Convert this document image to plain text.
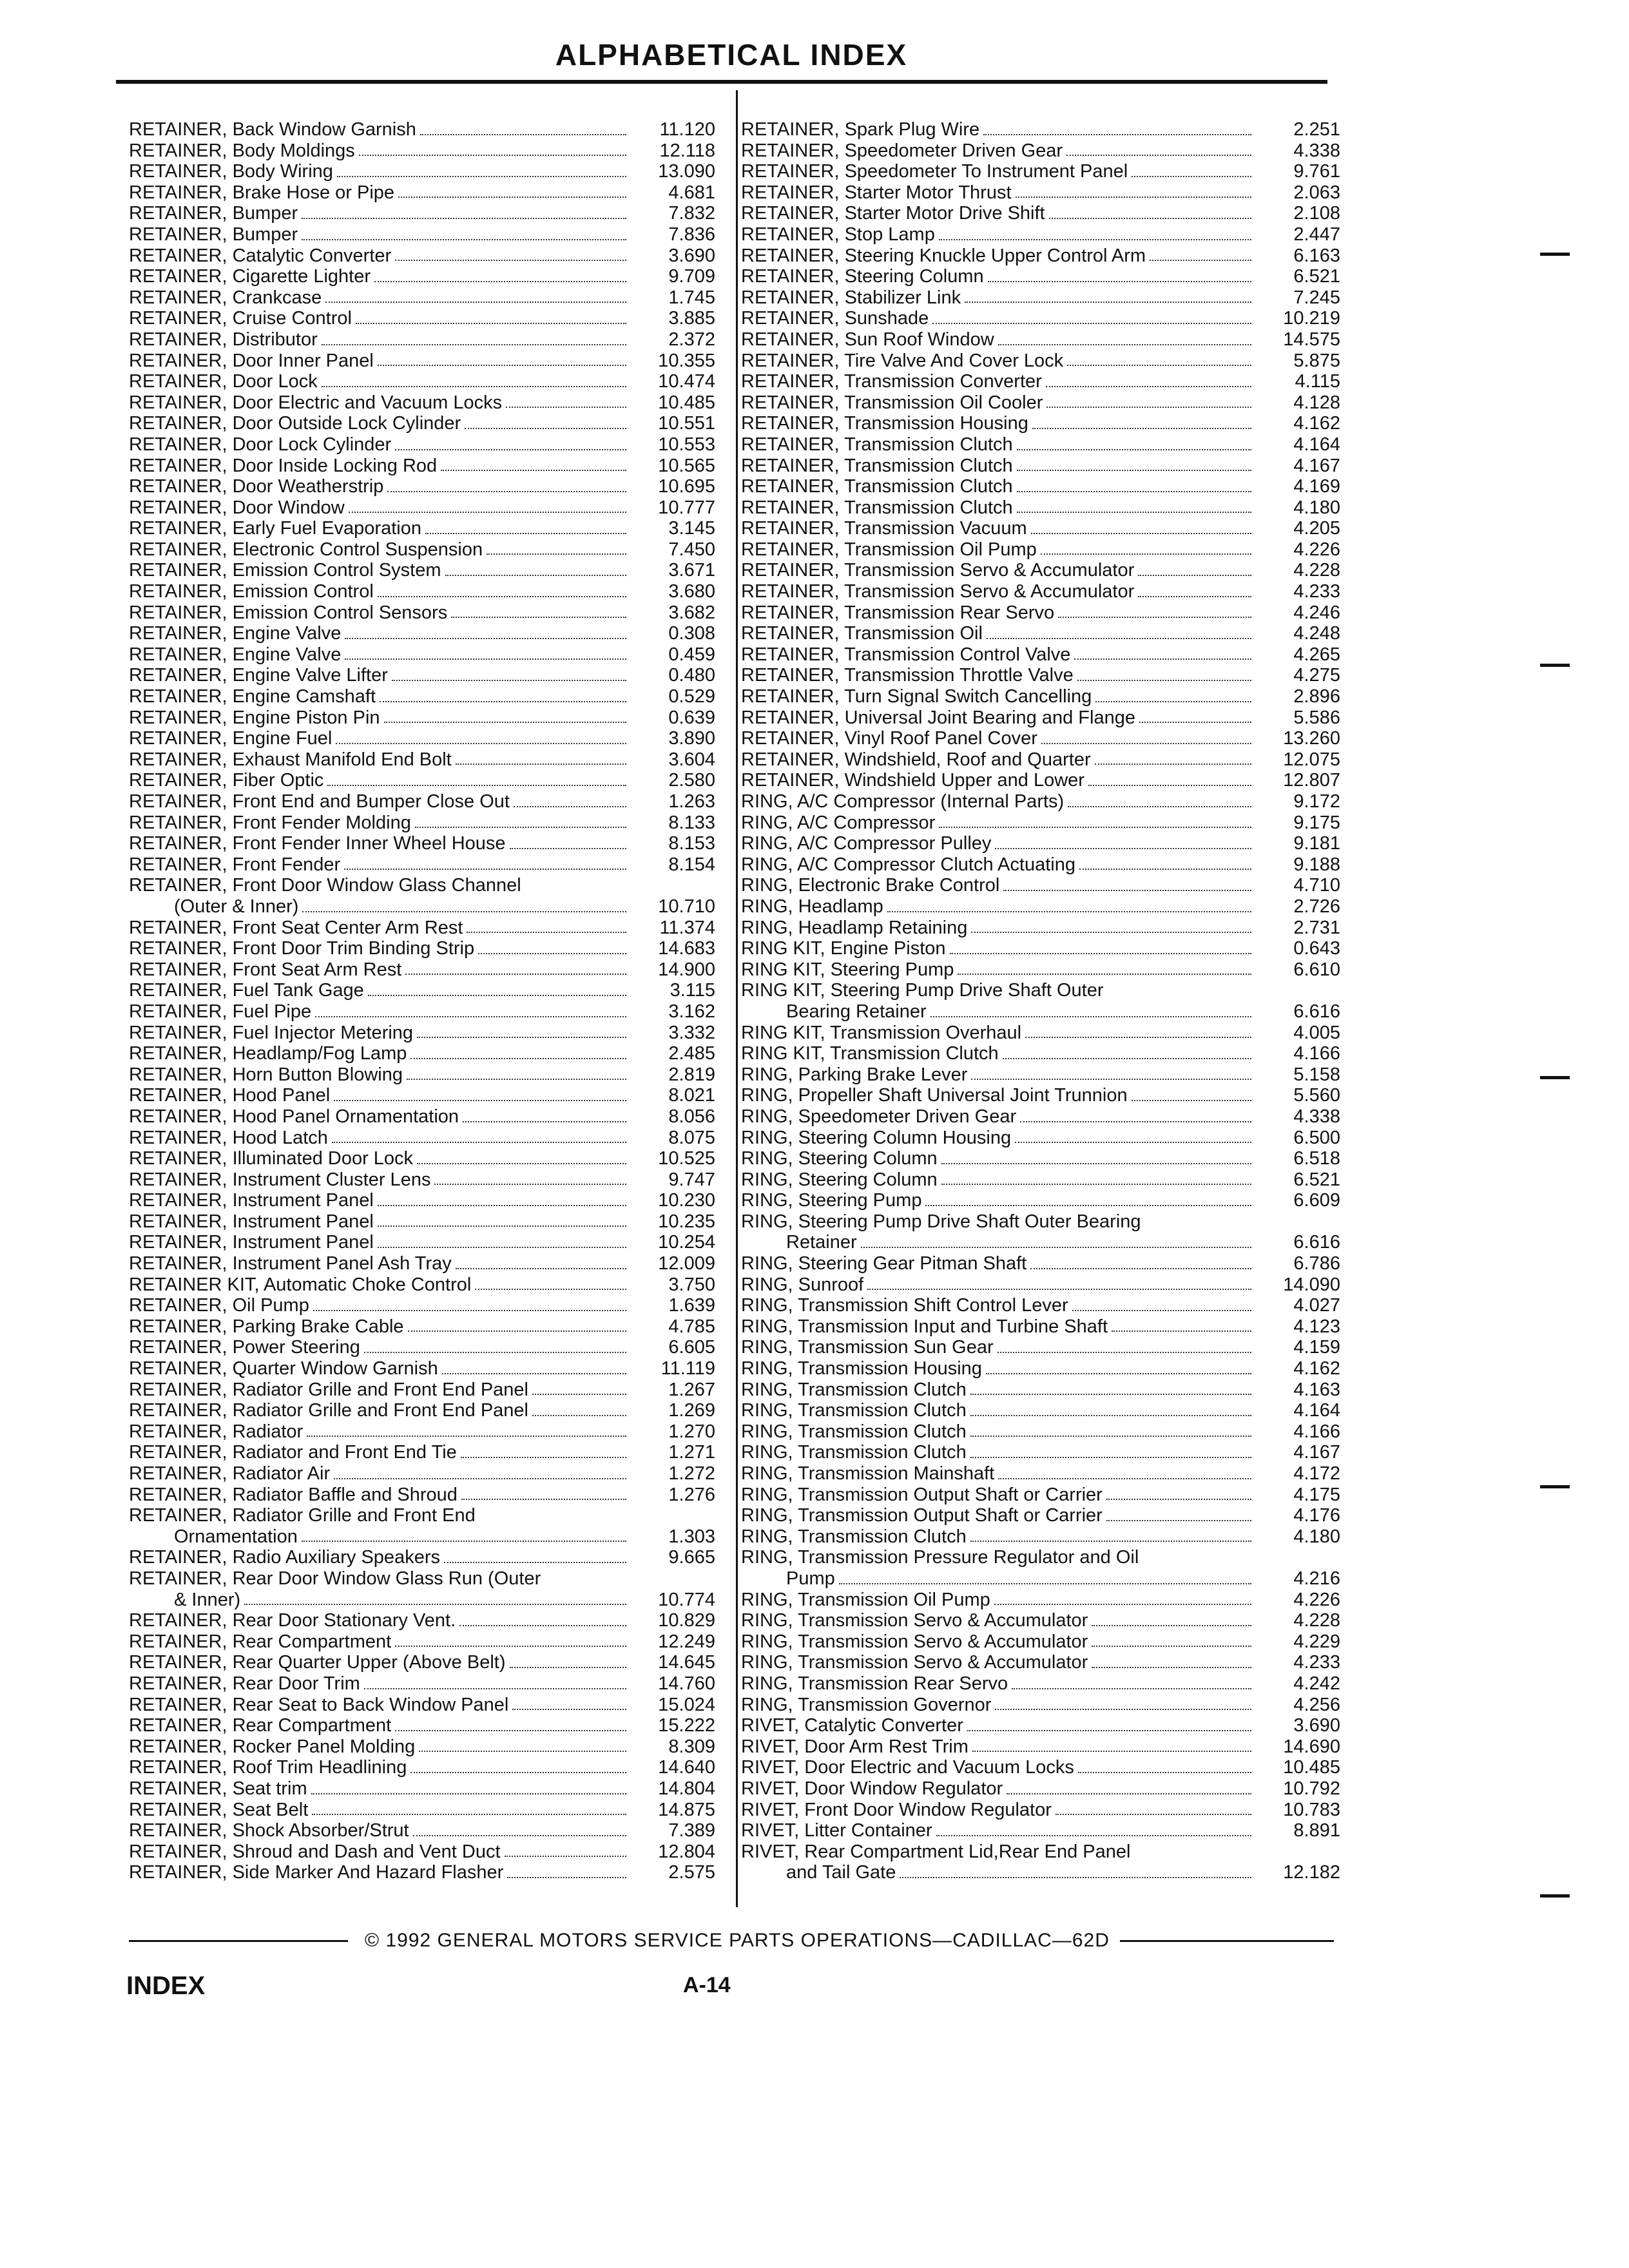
ALPHABETICAL INDEX
RETAINER, Back Window Garnish	11.120
RETAINER, Body Moldings	12.118
RETAINER, Body Wiring	13.090
RETAINER, Brake Hose or Pipe	4.681
RETAINER, Bumper	7.832
RETAINER, Bumper	7.836
RETAINER, Catalytic Converter	3.690
RETAINER, Cigarette Lighter	9.709
RETAINER, Crankcase	1.745
RETAINER, Cruise Control	3.885
RETAINER, Distributor	2.372
RETAINER, Door Inner Panel	10.355
RETAINER, Door Lock	10.474
RETAINER, Door Electric and Vacuum Locks	10.485
RETAINER, Door Outside Lock Cylinder	10.551
RETAINER, Door Lock Cylinder	10.553
RETAINER, Door Inside Locking Rod	10.565
RETAINER, Door Weatherstrip	10.695
RETAINER, Door Window	10.777
RETAINER, Early Fuel Evaporation	3.145
RETAINER, Electronic Control Suspension	7.450
RETAINER, Emission Control System	3.671
RETAINER, Emission Control	3.680
RETAINER, Emission Control Sensors	3.682
RETAINER, Engine Valve	0.308
RETAINER, Engine Valve	0.459
RETAINER, Engine Valve Lifter	0.480
RETAINER, Engine Camshaft	0.529
RETAINER, Engine Piston Pin	0.639
RETAINER, Engine Fuel	3.890
RETAINER, Exhaust Manifold End Bolt	3.604
RETAINER, Fiber Optic	2.580
RETAINER, Front End and Bumper Close Out	1.263
RETAINER, Front Fender Molding	8.133
RETAINER, Front Fender Inner Wheel House	8.153
RETAINER, Front Fender	8.154
RETAINER, Front Door Window Glass Channel
(Outer & Inner)	10.710
RETAINER, Front Seat Center Arm Rest	11.374
RETAINER, Front Door Trim Binding Strip	14.683
RETAINER, Front Seat Arm Rest	14.900
RETAINER, Fuel Tank Gage	3.115
RETAINER, Fuel Pipe	3.162
RETAINER, Fuel Injector Metering	3.332
RETAINER, Headlamp/Fog Lamp	2.485
RETAINER, Horn Button Blowing	2.819
RETAINER, Hood Panel	8.021
RETAINER, Hood Panel Ornamentation	8.056
RETAINER, Hood Latch	8.075
RETAINER, Illuminated Door Lock	10.525
RETAINER, Instrument Cluster Lens	9.747
RETAINER, Instrument Panel	10.230
RETAINER, Instrument Panel	10.235
RETAINER, Instrument Panel	10.254
RETAINER, Instrument Panel Ash Tray	12.009
RETAINER KIT, Automatic Choke Control	3.750
RETAINER, Oil Pump	1.639
RETAINER, Parking Brake Cable	4.785
RETAINER, Power Steering	6.605
RETAINER, Quarter Window Garnish	11.119
RETAINER, Radiator Grille and Front End Panel	1.267
RETAINER, Radiator Grille and Front End Panel	1.269
RETAINER, Radiator	1.270
RETAINER, Radiator and Front End Tie	1.271
RETAINER, Radiator Air	1.272
RETAINER, Radiator Baffle and Shroud	1.276
RETAINER, Radiator Grille and Front End
Ornamentation	1.303
RETAINER, Radio Auxiliary Speakers	9.665
RETAINER, Rear Door Window Glass Run (Outer
& Inner)	10.774
RETAINER, Rear Door Stationary Vent.	10.829
RETAINER, Rear Compartment	12.249
RETAINER, Rear Quarter Upper (Above Belt)	14.645
RETAINER, Rear Door Trim	14.760
RETAINER, Rear Seat to Back Window Panel	15.024
RETAINER, Rear Compartment	15.222
RETAINER, Rocker Panel Molding	8.309
RETAINER, Roof Trim Headlining	14.640
RETAINER, Seat trim	14.804
RETAINER, Seat Belt	14.875
RETAINER, Shock Absorber/Strut	7.389
RETAINER, Shroud and Dash and Vent Duct	12.804
RETAINER, Side Marker And Hazard Flasher	2.575
RETAINER, Spark Plug Wire	2.251
RETAINER, Speedometer Driven Gear	4.338
RETAINER, Speedometer To Instrument Panel	9.761
RETAINER, Starter Motor Thrust	2.063
RETAINER, Starter Motor Drive Shift	2.108
RETAINER, Stop Lamp	2.447
RETAINER, Steering Knuckle Upper Control Arm	6.163
RETAINER, Steering Column	6.521
RETAINER, Stabilizer Link	7.245
RETAINER, Sunshade	10.219
RETAINER, Sun Roof Window	14.575
RETAINER, Tire Valve And Cover Lock	5.875
RETAINER, Transmission Converter	4.115
RETAINER, Transmission Oil Cooler	4.128
RETAINER, Transmission Housing	4.162
RETAINER, Transmission Clutch	4.164
RETAINER, Transmission Clutch	4.167
RETAINER, Transmission Clutch	4.169
RETAINER, Transmission Clutch	4.180
RETAINER, Transmission Vacuum	4.205
RETAINER, Transmission Oil Pump	4.226
RETAINER, Transmission Servo & Accumulator	4.228
RETAINER, Transmission Servo & Accumulator	4.233
RETAINER, Transmission Rear Servo	4.246
RETAINER, Transmission Oil	4.248
RETAINER, Transmission Control Valve	4.265
RETAINER, Transmission Throttle Valve	4.275
RETAINER, Turn Signal Switch Cancelling	2.896
RETAINER, Universal Joint Bearing and Flange	5.586
RETAINER, Vinyl Roof Panel Cover	13.260
RETAINER, Windshield, Roof and Quarter	12.075
RETAINER, Windshield Upper and Lower	12.807
RING, A/C Compressor (Internal Parts)	9.172
RING, A/C Compressor	9.175
RING, A/C Compressor Pulley	9.181
RING, A/C Compressor Clutch Actuating	9.188
RING, Electronic Brake Control	4.710
RING, Headlamp	2.726
RING, Headlamp Retaining	2.731
RING KIT, Engine Piston	0.643
RING KIT, Steering Pump	6.610
RING KIT, Steering Pump Drive Shaft Outer
Bearing Retainer	6.616
RING KIT, Transmission Overhaul	4.005
RING KIT, Transmission Clutch	4.166
RING, Parking Brake Lever	5.158
RING, Propeller Shaft Universal Joint Trunnion	5.560
RING, Speedometer Driven Gear	4.338
RING, Steering Column Housing	6.500
RING, Steering Column	6.518
RING, Steering Column	6.521
RING, Steering Pump	6.609
RING, Steering Pump Drive Shaft Outer Bearing
Retainer	6.616
RING, Steering Gear Pitman Shaft	6.786
RING, Sunroof	14.090
RING, Transmission Shift Control Lever	4.027
RING, Transmission Input and Turbine Shaft	4.123
RING, Transmission Sun Gear	4.159
RING, Transmission Housing	4.162
RING, Transmission Clutch	4.163
RING, Transmission Clutch	4.164
RING, Transmission Clutch	4.166
RING, Transmission Clutch	4.167
RING, Transmission Mainshaft	4.172
RING, Transmission Output Shaft or Carrier	4.175
RING, Transmission Output Shaft or Carrier	4.176
RING, Transmission Clutch	4.180
RING, Transmission Pressure Regulator and Oil
Pump	4.216
RING, Transmission Oil Pump	4.226
RING, Transmission Servo & Accumulator	4.228
RING, Transmission Servo & Accumulator	4.229
RING, Transmission Servo & Accumulator	4.233
RING, Transmission Rear Servo	4.242
RING, Transmission Governor	4.256
RIVET, Catalytic Converter	3.690
RIVET, Door Arm Rest Trim	14.690
RIVET, Door Electric and Vacuum Locks	10.485
RIVET, Door Window Regulator	10.792
RIVET, Front Door Window Regulator	10.783
RIVET, Litter Container	8.891
RIVET, Rear Compartment Lid,Rear End Panel
and Tail Gate	12.182
© 1992 GENERAL MOTORS SERVICE PARTS OPERATIONS—CADILLAC—62D
INDEX	A-14
